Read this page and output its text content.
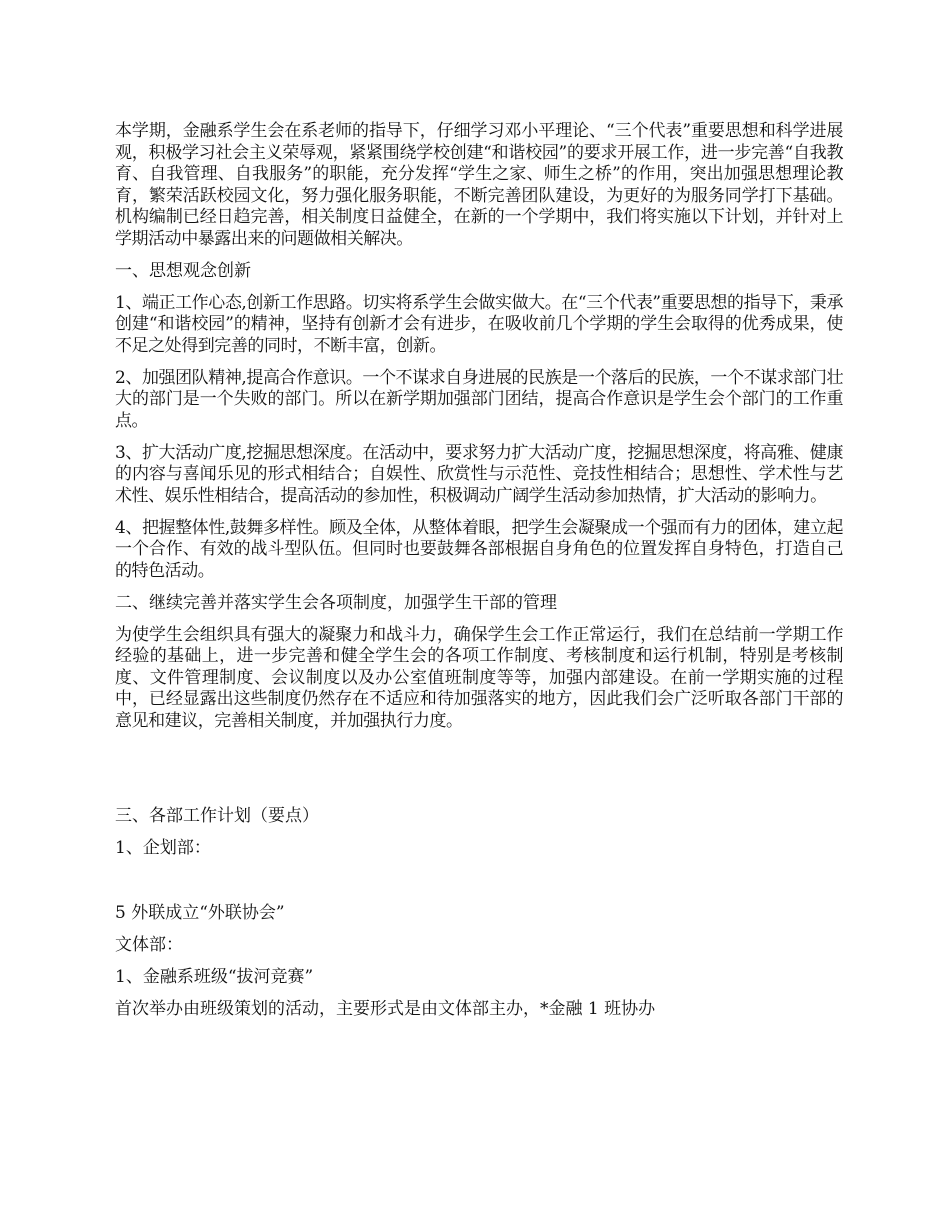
本学期，金融系学生会在系老师的指导下，仔细学习邓小平理论、“三个代表”重要思想和科学进展观，积极学习社会主义荣辱观，紧紧围绕学校创建“和谐校园”的要求开展工作，进一步完善“自我教育、自我管理、自我服务”的职能，充分发挥“学生之家、师生之桥”的作用，突出加强思想理论教育，繁荣活跃校园文化，努力强化服务职能，不断完善团队建设，为更好的为服务同学打下基础。机构编制已经日趋完善，相关制度日益健全，在新的一个学期中，我们将实施以下计划，并针对上学期活动中暴露出来的问题做相关解决。

一、思想观念创新

1、端正工作心态,创新工作思路。切实将系学生会做实做大。在“三个代表”重要思想的指导下，秉承创建“和谐校园”的精神，坚持有创新才会有进步，在吸收前几个学期的学生会取得的优秀成果，使不足之处得到完善的同时，不断丰富，创新。

2、加强团队精神,提高合作意识。一个不谋求自身进展的民族是一个落后的民族，一个不谋求部门壮大的部门是一个失败的部门。所以在新学期加强部门团结，提高合作意识是学生会个部门的工作重点。

3、扩大活动广度,挖掘思想深度。在活动中，要求努力扩大活动广度，挖掘思想深度，将高雅、健康的内容与喜闻乐见的形式相结合；自娱性、欣赏性与示范性、竞技性相结合；思想性、学术性与艺术性、娱乐性相结合，提高活动的参加性，积极调动广阔学生活动参加热情，扩大活动的影响力。

4、把握整体性,鼓舞多样性。顾及全体，从整体着眼，把学生会凝聚成一个强而有力的团体，建立起一个合作、有效的战斗型队伍。但同时也要鼓舞各部根据自身角色的位置发挥自身特色，打造自己的特色活动。

二、继续完善并落实学生会各项制度，加强学生干部的管理

为使学生会组织具有强大的凝聚力和战斗力，确保学生会工作正常运行，我们在总结前一学期工作经验的基础上，进一步完善和健全学生会的各项工作制度、考核制度和运行机制，特别是考核制度、文件管理制度、会议制度以及办公室值班制度等等，加强内部建设。在前一学期实施的过程中，已经显露出这些制度仍然存在不适应和待加强落实的地方，因此我们会广泛听取各部门干部的意见和建议，完善相关制度，并加强执行力度。

三、各部工作计划（要点）

1、企划部：

5 外联成立“外联协会”

文体部：

1、金融系班级“拔河竞赛”

首次举办由班级策划的活动，主要形式是由文体部主办，*金融 1 班协办
